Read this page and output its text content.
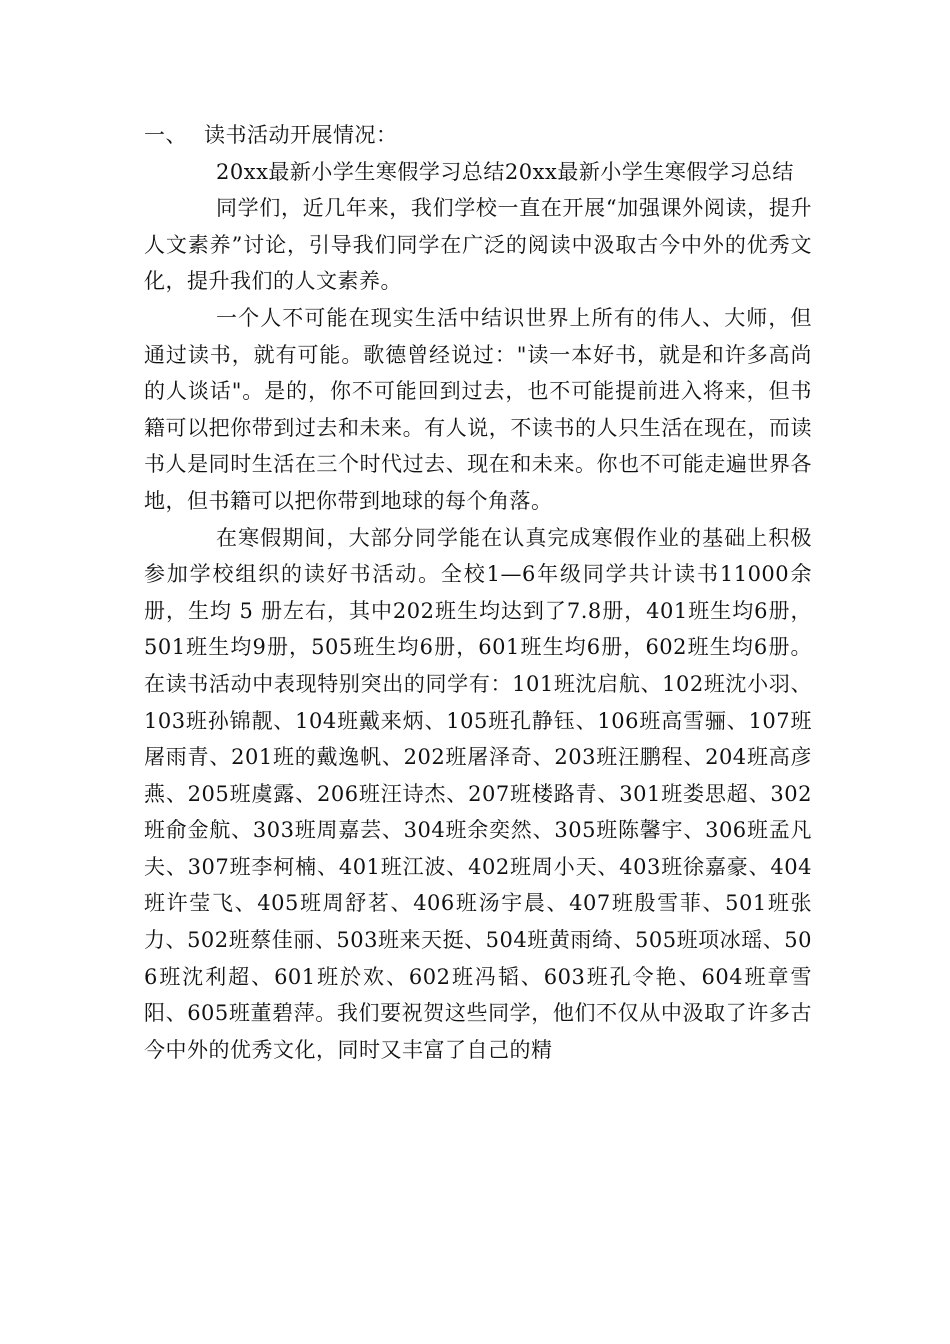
一、 读书活动开展情况：

20xx最新小学生寒假学习总结20xx最新小学生寒假学习总结

同学们，近几年来，我们学校一直在开展“加强课外阅读，提升人文素养”讨论，引导我们同学在广泛的阅读中汲取古今中外的优秀文化，提升我们的人文素养。

一个人不可能在现实生活中结识世界上所有的伟人、大师，但通过读书，就有可能。歌德曾经说过："读一本好书，就是和许多高尚的人谈话"。是的，你不可能回到过去，也不可能提前进入将来，但书籍可以把你带到过去和未来。有人说，不读书的人只生活在现在，而读书人是同时生活在三个时代过去、现在和未来。你也不可能走遍世界各地，但书籍可以把你带到地球的每个角落。

在寒假期间，大部分同学能在认真完成寒假作业的基础上积极参加学校组织的读好书活动。全校1—6年级同学共计读书11000余册，生均 5 册左右，其中202班生均达到了7.8册，401班生均6册，501班生均9册，505班生均6册，601班生均6册，602班生均6册。在读书活动中表现特别突出的同学有：101班沈启航、102班沈小羽、103班孙锦靓、104班戴来炳、105班孔静钰、106班高雪骊、107班屠雨青、201班的戴逸帆、202班屠泽奇、203班汪鹏程、204班高彦燕、205班虞露、206班汪诗杰、207班楼路青、301班娄思超、302班俞金航、303班周嘉芸、304班余奕然、305班陈馨宇、306班孟凡夫、307班李柯楠、401班江波、402班周小天、403班徐嘉豪、404班许莹飞、405班周舒茗、406班汤宇晨、407班殷雪菲、501班张力、502班蔡佳丽、503班来天挺、504班黄雨绮、505班项冰瑶、506班沈利超、601班於欢、602班冯韬、603班孔令艳、604班章雪阳、605班董碧萍。我们要祝贺这些同学，他们不仅从中汲取了许多古今中外的优秀文化，同时又丰富了自己的精
